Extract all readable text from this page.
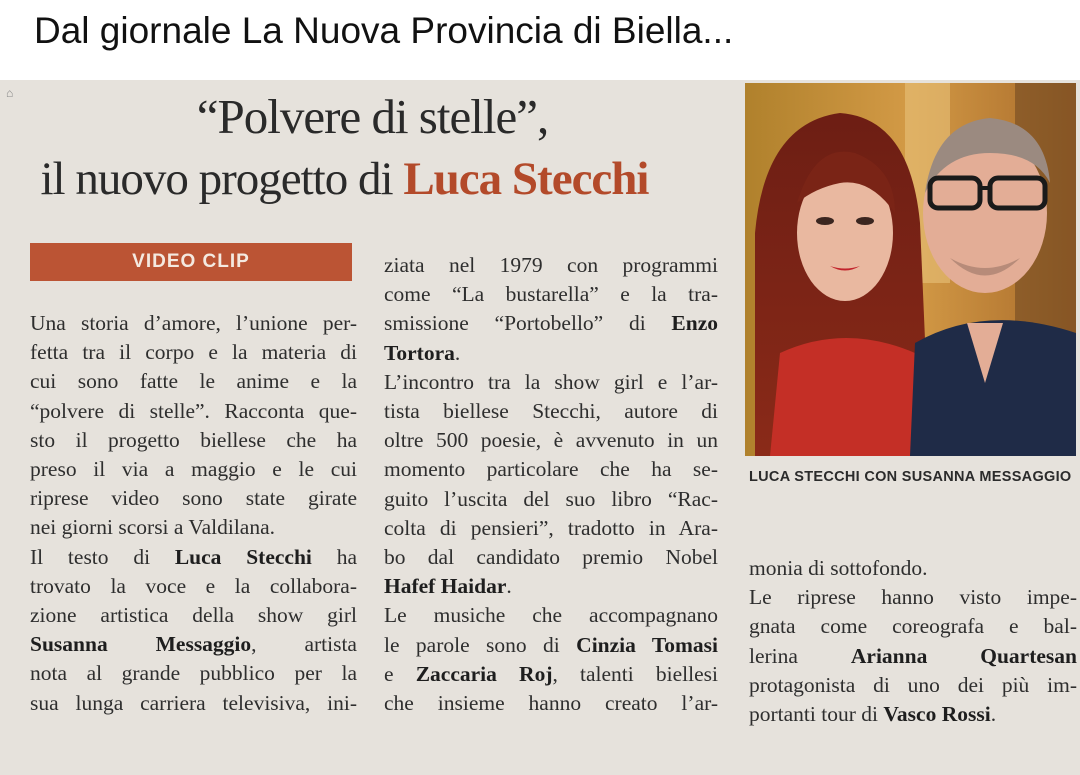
Dal giornale La Nuova Provincia di Biella...
⌂	“Polvere di stelle”,
il nuovo progetto di Luca Stecchi
VIDEO CLIP
Una storia d’amore, l’unione per-
fetta tra il corpo e la materia di
cui sono fatte le anime e la
“polvere di stelle”. Racconta que-
sto il progetto biellese che ha
preso il via a maggio e le cui
riprese video sono state girate
nei giorni scorsi a Valdilana.
Il testo di Luca Stecchi ha
trovato la voce e la collabora-
zione artistica della show girl
Susanna Messaggio, artista
nota al grande pubblico per la
sua lunga carriera televisiva, ini-
ziata nel 1979 con programmi
come “La bustarella” e la tra-
smissione “Portobello” di Enzo
Tortora.
L’incontro tra la show girl e l’ar-
tista biellese Stecchi, autore di
oltre 500 poesie, è avvenuto in un
momento particolare che ha se-
guito l’uscita del suo libro “Rac-
colta di pensieri”, tradotto in Ara-
bo dal candidato premio Nobel
Hafef Haidar.
Le musiche che accompagnano
le parole sono di Cinzia Tomasi
e Zaccaria Roj, talenti biellesi
che insieme hanno creato l’ar-
LUCA STECCHI CON SUSANNA MESSAGGIO
monia di sottofondo.
Le riprese hanno visto impe-
gnata come coreografa e bal-
lerina Arianna Quartesan
protagonista di uno dei più im-
portanti tour di Vasco Rossi.
